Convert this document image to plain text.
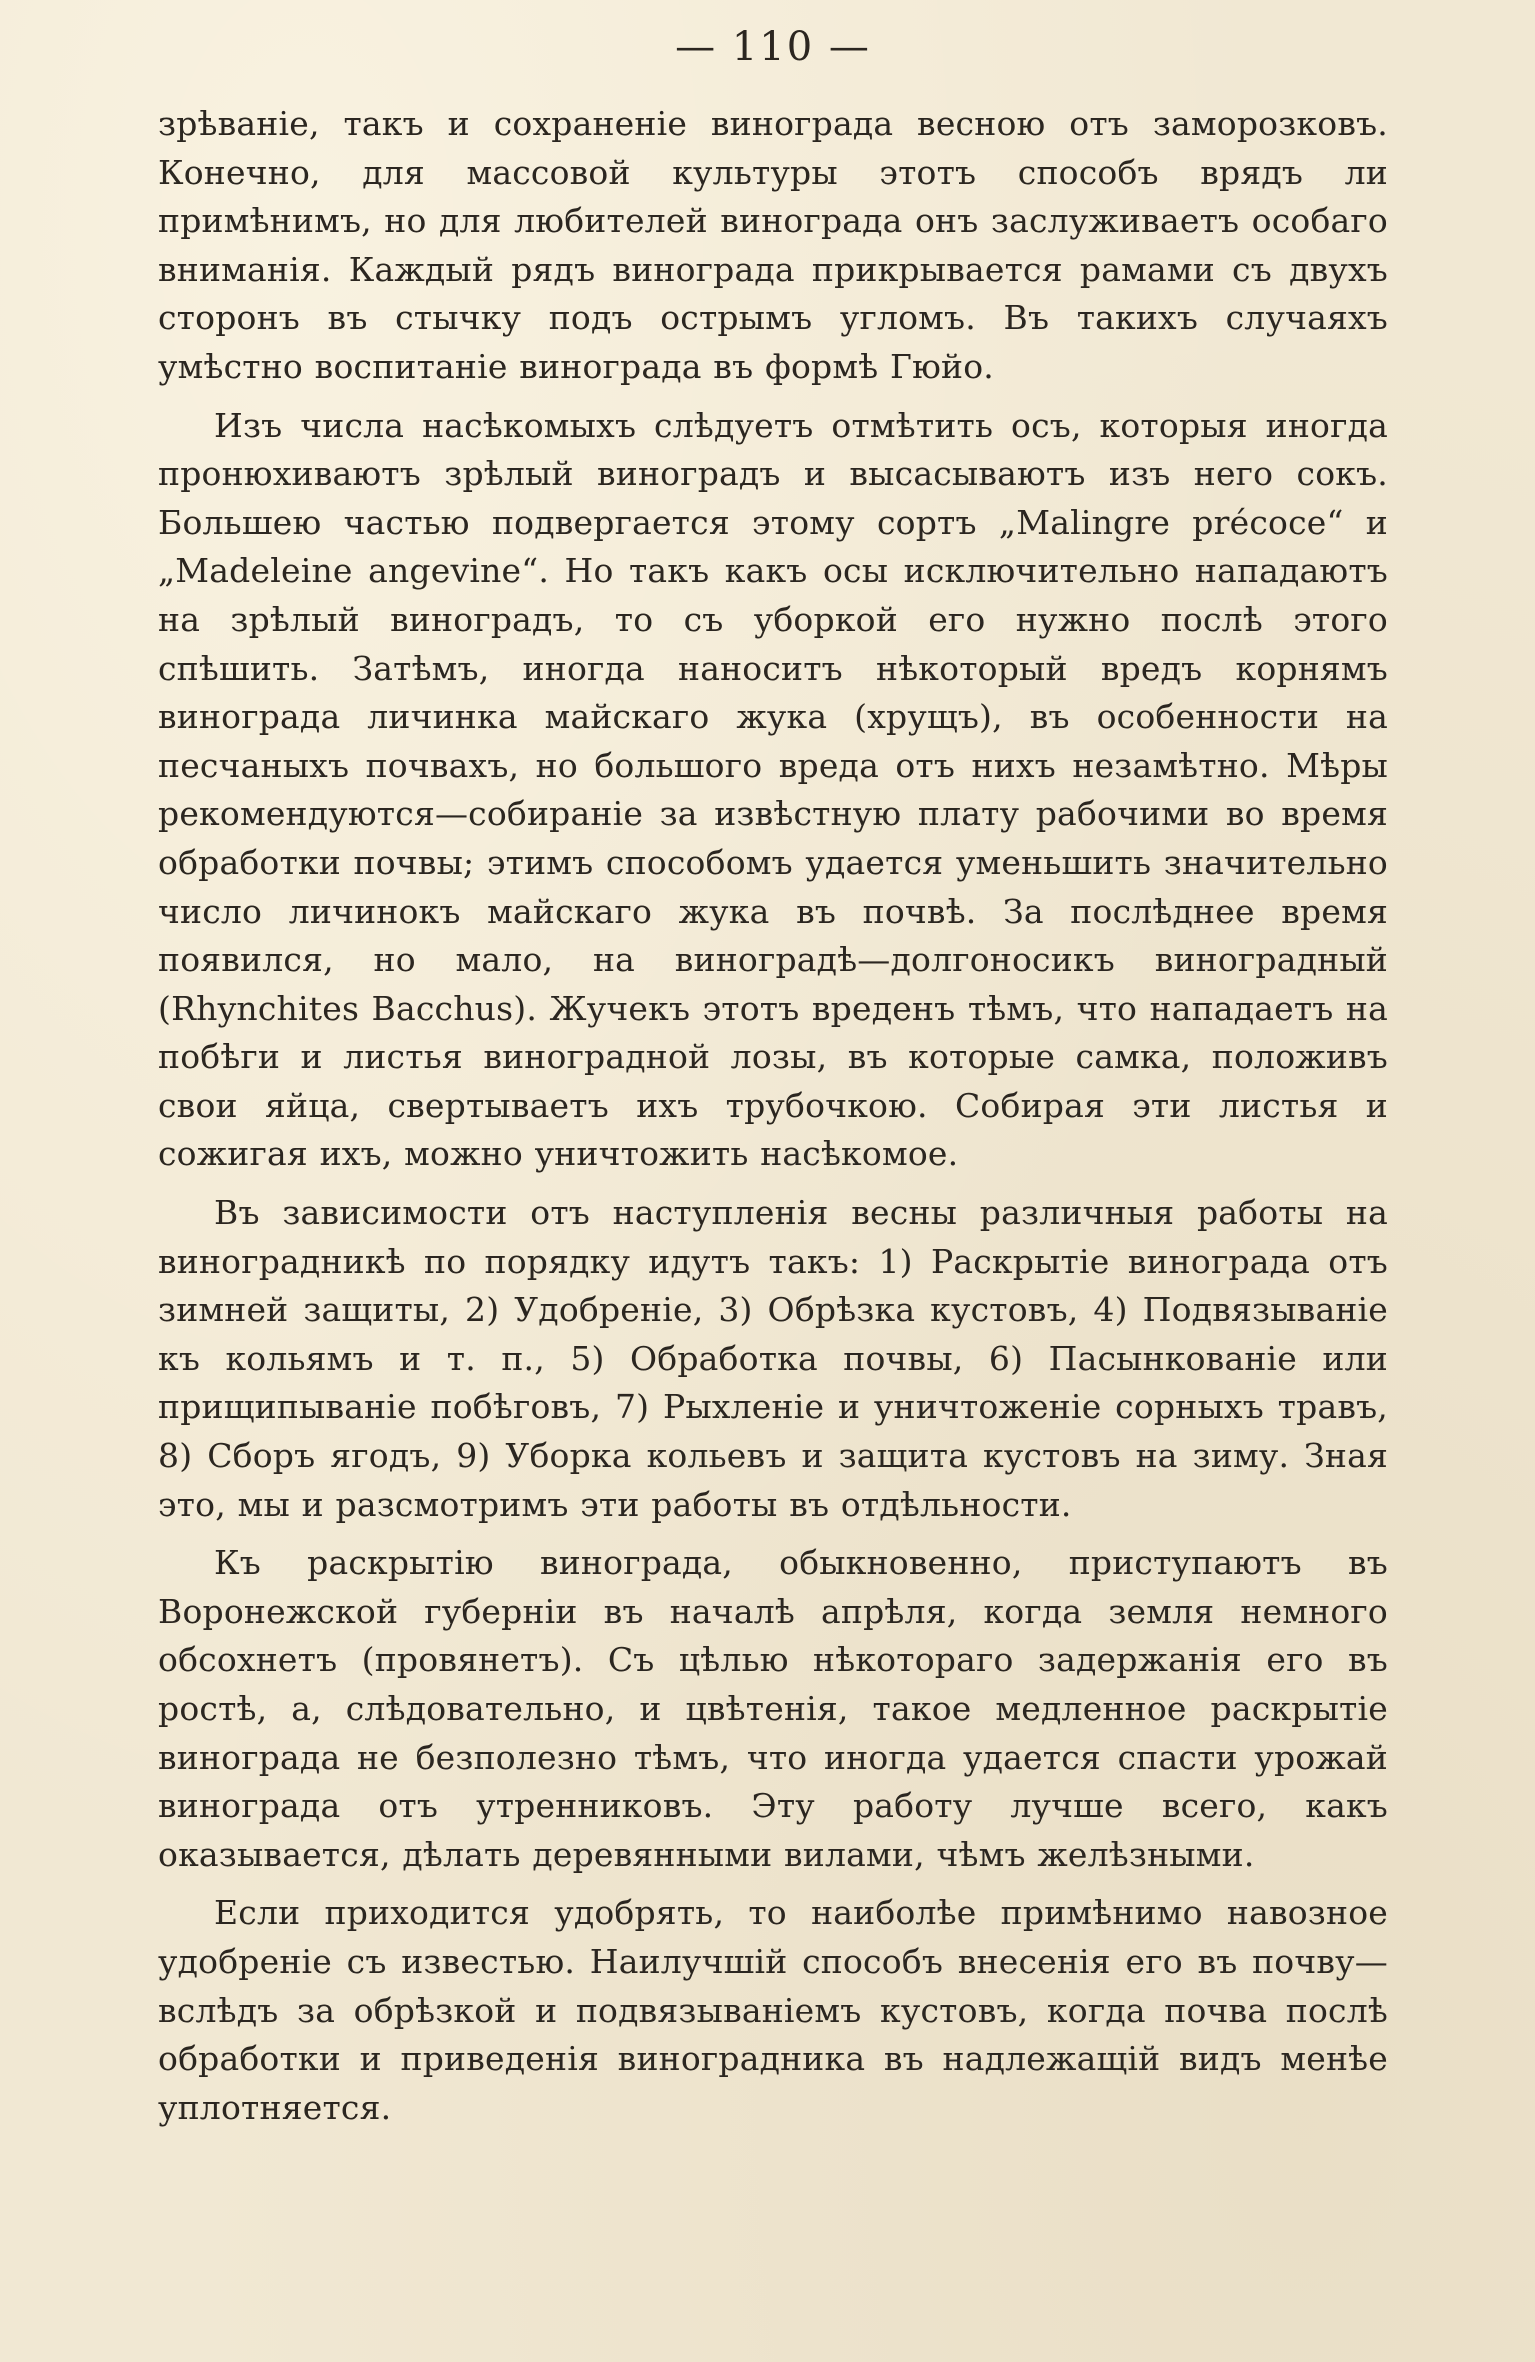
— 110 —

зрѣваніе, такъ и сохраненіе винограда весною отъ заморозковъ. Конечно, для массовой культуры этотъ способъ врядъ ли примѣнимъ, но для любителей винограда онъ заслуживаетъ особаго вниманія. Каждый рядъ винограда прикрывается рамами съ двухъ сторонъ въ стычку подъ острымъ угломъ. Въ такихъ случаяхъ умѣстно воспитаніе винограда въ формѣ Гюйо.

Изъ числа насѣкомыхъ слѣдуетъ отмѣтить осъ, которыя иногда пронюхиваютъ зрѣлый виноградъ и высасываютъ изъ него сокъ. Большею частью подвергается этому сортъ „Malingre précoce“ и „Madeleine angevine“. Но такъ какъ осы исключительно нападаютъ на зрѣлый виноградъ, то съ уборкой его нужно послѣ этого спѣшить. Затѣмъ, иногда наноситъ нѣкоторый вредъ корнямъ винограда личинка майскаго жука (хрущъ), въ особенности на песчаныхъ почвахъ, но большого вреда отъ нихъ незамѣтно. Мѣры рекомендуются—собираніе за извѣстную плату рабочими во время обработки почвы; этимъ способомъ удается уменьшить значительно число личинокъ майскаго жука въ почвѣ. За послѣднее время появился, но мало, на виноградѣ—долгоносикъ виноградный (Rhynchites Bacchus). Жучекъ этотъ вреденъ тѣмъ, что нападаетъ на побѣги и листья виноградной лозы, въ которые самка, положивъ свои яйца, свертываетъ ихъ трубочкою. Собирая эти листья и сожигая ихъ, можно уничтожить насѣкомое.

Въ зависимости отъ наступленія весны различныя работы на виноградникѣ по порядку идутъ такъ: 1) Раскрытіе винограда отъ зимней защиты, 2) Удобреніе, 3) Обрѣзка кустовъ, 4) Подвязываніе къ кольямъ и т. п., 5) Обработка почвы, 6) Пасынкованіе или прищипываніе побѣговъ, 7) Рыхленіе и уничтоженіе сорныхъ травъ, 8) Сборъ ягодъ, 9) Уборка кольевъ и защита кустовъ на зиму. Зная это, мы и разсмотримъ эти работы въ отдѣльности.

Къ раскрытію винограда, обыкновенно, приступаютъ въ Воронежской губерніи въ началѣ апрѣля, когда земля немного обсохнетъ (провянетъ). Съ цѣлью нѣкотораго задержанія его въ ростѣ, а, слѣдовательно, и цвѣтенія, такое медленное раскрытіе винограда не безполезно тѣмъ, что иногда удается спасти урожай винограда отъ утренниковъ. Эту работу лучше всего, какъ оказывается, дѣлать деревянными вилами, чѣмъ желѣзными.

Если приходится удобрять, то наиболѣе примѣнимо навозное удобреніе съ известью. Наилучшій способъ внесенія его въ почву—вслѣдъ за обрѣзкой и подвязываніемъ кустовъ, когда почва послѣ обработки и приведенія виноградника въ надлежащій видъ менѣе уплотняется.
